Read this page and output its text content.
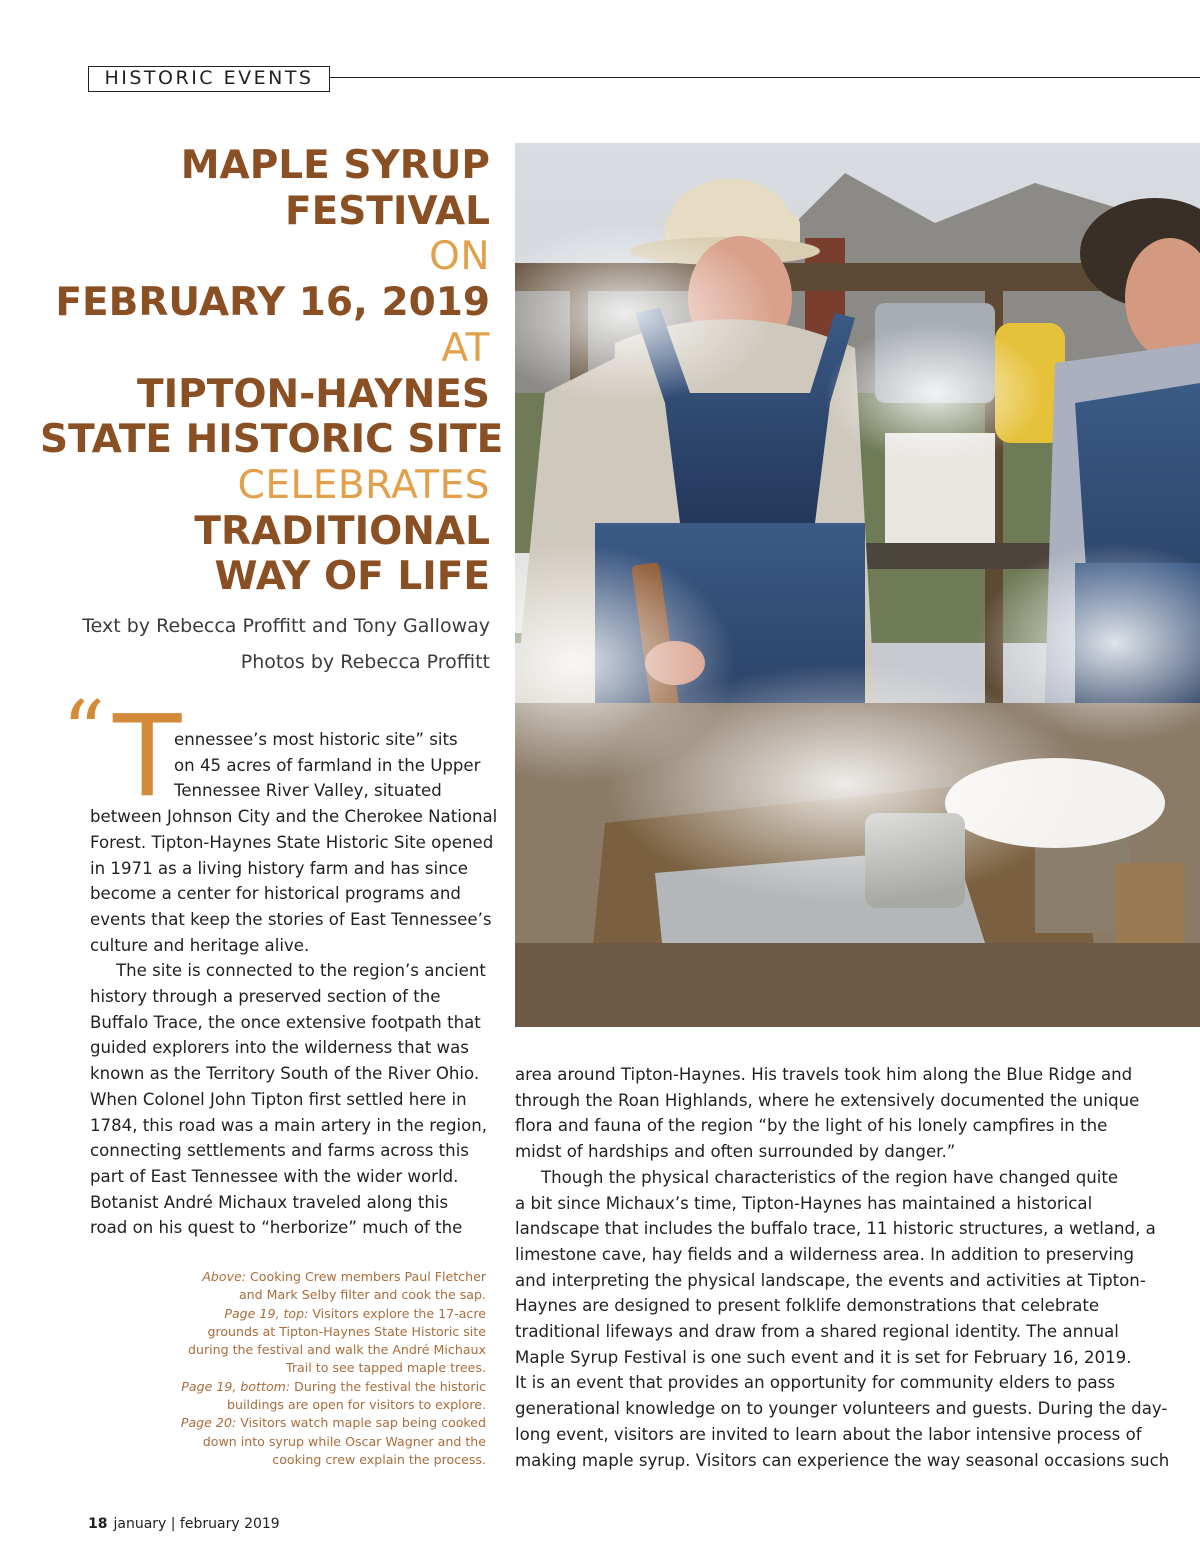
HISTORIC EVENTS
MAPLE SYRUP
FESTIVAL
ON
FEBRUARY 16, 2019
AT
TIPTON-HAYNES
STATE HISTORIC SITE
CELEBRATES
TRADITIONAL
WAY OF LIFE
Text by Rebecca Proffitt and Tony Galloway
Photos by Rebecca Proffitt
“ T
ennessee’s most historic site” sits
on 45 acres of farmland in the Upper
Tennessee River Valley, situated
between Johnson City and the Cherokee National
Forest. Tipton-Haynes State Historic Site opened
in 1971 as a living history farm and has since
become a center for historical programs and
events that keep the stories of East Tennessee’s
culture and heritage alive.
The site is connected to the region’s ancient
history through a preserved section of the
Buffalo Trace, the once extensive footpath that
guided explorers into the wilderness that was
known as the Territory South of the River Ohio.
When Colonel John Tipton first settled here in
1784, this road was a main artery in the region,
connecting settlements and farms across this
part of East Tennessee with the wider world.
Botanist André Michaux traveled along this
road on his quest to “herborize” much of the
Above: Cooking Crew members Paul Fletcher
and Mark Selby filter and cook the sap.
Page 19, top: Visitors explore the 17-acre
grounds at Tipton-Haynes State Historic site
during the festival and walk the André Michaux
Trail to see tapped maple trees.
Page 19, bottom: During the festival the historic
buildings are open for visitors to explore.
Page 20: Visitors watch maple sap being cooked
down into syrup while Oscar Wagner and the
cooking crew explain the process.
18 january | february 2019
area around Tipton-Haynes. His travels took him along the Blue Ridge and
through the Roan Highlands, where he extensively documented the unique
flora and fauna of the region “by the light of his lonely campfires in the
midst of hardships and often surrounded by danger.”
Though the physical characteristics of the region have changed quite
a bit since Michaux’s time, Tipton-Haynes has maintained a historical
landscape that includes the buffalo trace, 11 historic structures, a wetland, a
limestone cave, hay fields and a wilderness area. In addition to preserving
and interpreting the physical landscape, the events and activities at Tipton-
Haynes are designed to present folklife demonstrations that celebrate
traditional lifeways and draw from a shared regional identity. The annual
Maple Syrup Festival is one such event and it is set for February 16, 2019.
It is an event that provides an opportunity for community elders to pass
generational knowledge on to younger volunteers and guests. During the day-
long event, visitors are invited to learn about the labor intensive process of
making maple syrup. Visitors can experience the way seasonal occasions such
